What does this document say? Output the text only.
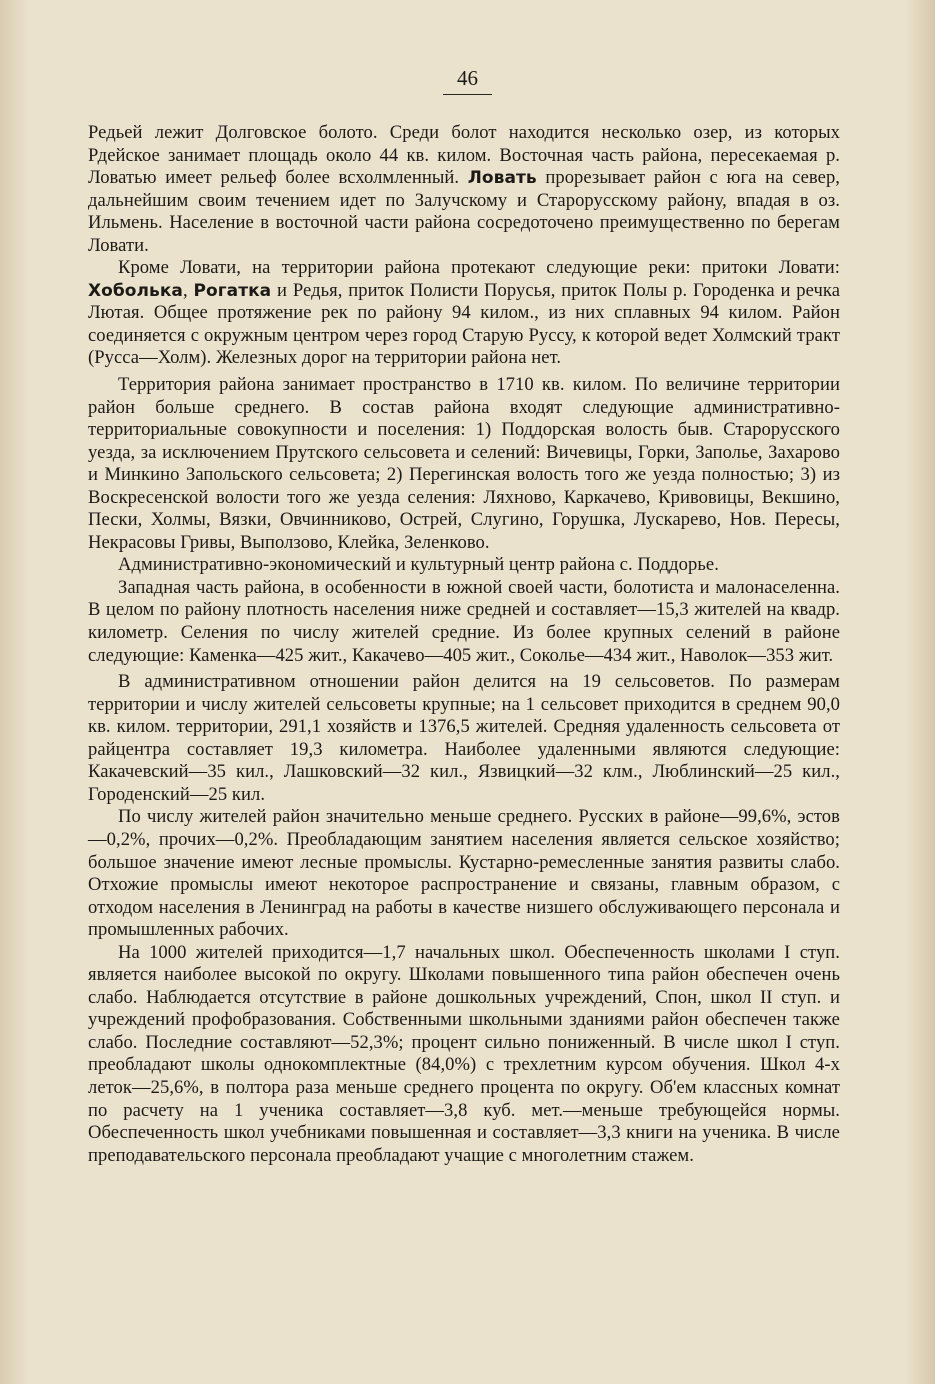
46

Редьей лежит Долговское болото. Среди болот находится несколько озер, из которых Рдейское занимает площадь около 44 кв. килом. Восточная часть района, пересекаемая р. Ловатью имеет рельеф более всхолмленный. Ловать прорезывает район с юга на север, дальнейшим своим течением идет по Залучскому и Старорусскому району, впадая в оз. Ильмень. Население в восточной части района сосредоточено преимущественно по берегам Ловати.

Кроме Ловати, на территории района протекают следующие реки: притоки Ловати: Хоболька, Рогатка и Редья, приток Полисти Порусья, приток Полы р. Городенка и речка Лютая. Общее протяжение рек по району 94 килом., из них сплавных 94 килом. Район соединяется с окружным центром через город Старую Руссу, к которой ведет Холмский тракт (Русса—Холм). Железных дорог на территории района нет.

Территория района занимает пространство в 1710 кв. килом. По величине территории район больше среднего. В состав района входят следующие административно-территориальные совокупности и поселения: 1) Поддорская волость быв. Старорусского уезда, за исключением Прутского сельсовета и селений: Вичевицы, Горки, Заполье, Захарово и Минкино Запольского сельсовета; 2) Перегинская волость того же уезда полностью; 3) из Воскресенской волости того же уезда селения: Ляхново, Каркачево, Кривовицы, Векшино, Пески, Холмы, Вязки, Овчинниково, Острей, Слугино, Горушка, Лускарево, Нов. Пересы, Некрасовы Гривы, Выползово, Клейка, Зеленково.

Административно-экономический и культурный центр района с. Поддорье.

Западная часть района, в особенности в южной своей части, болотиста и малонаселенна. В целом по району плотность населения ниже средней и составляет—15,3 жителей на квадр. километр. Селения по числу жителей средние. Из более крупных селений в районе следующие: Каменка—425 жит., Какачево—405 жит., Соколье—434 жит., Наволок—353 жит.

В административном отношении район делится на 19 сельсоветов. По размерам территории и числу жителей сельсоветы крупные; на 1 сельсовет приходится в среднем 90,0 кв. килом. территории, 291,1 хозяйств и 1376,5 жителей. Средняя удаленность сельсовета от райцентра составляет 19,3 километра. Наиболее удаленными являются следующие: Какачевский—35 кил., Лашковский—32 кил., Язвицкий—32 клм., Люблинский—25 кил., Городенский—25 кил.

По числу жителей район значительно меньше среднего. Русских в районе—99,6%, эстов—0,2%, прочих—0,2%. Преобладающим занятием населения является сельское хозяйство; большое значение имеют лесные промыслы. Кустарно-ремесленные занятия развиты слабо. Отхожие промыслы имеют некоторое распространение и связаны, главным образом, с отходом населения в Ленинград на работы в качестве низшего обслуживающего персонала и промышленных рабочих.

На 1000 жителей приходится—1,7 начальных школ. Обеспеченность школами I ступ. является наиболее высокой по округу. Школами повышенного типа район обеспечен очень слабо. Наблюдается отсутствие в районе дошкольных учреждений, Спон, школ II ступ. и учреждений профобразования. Собственными школьными зданиями район обеспечен также слабо. Последние составляют—52,3%; процент сильно пониженный. В числе школ I ступ. преобладают школы однокомплектные (84,0%) с трехлетним курсом обучения. Школ 4-х леток—25,6%, в полтора раза меньше среднего процента по округу. Об'ем классных комнат по расчету на 1 ученика составляет—3,8 куб. мет.—меньше требующейся нормы. Обеспеченность школ учебниками повышенная и составляет—3,3 книги на ученика. В числе преподавательского персонала преобладают учащие с многолетним стажем.
